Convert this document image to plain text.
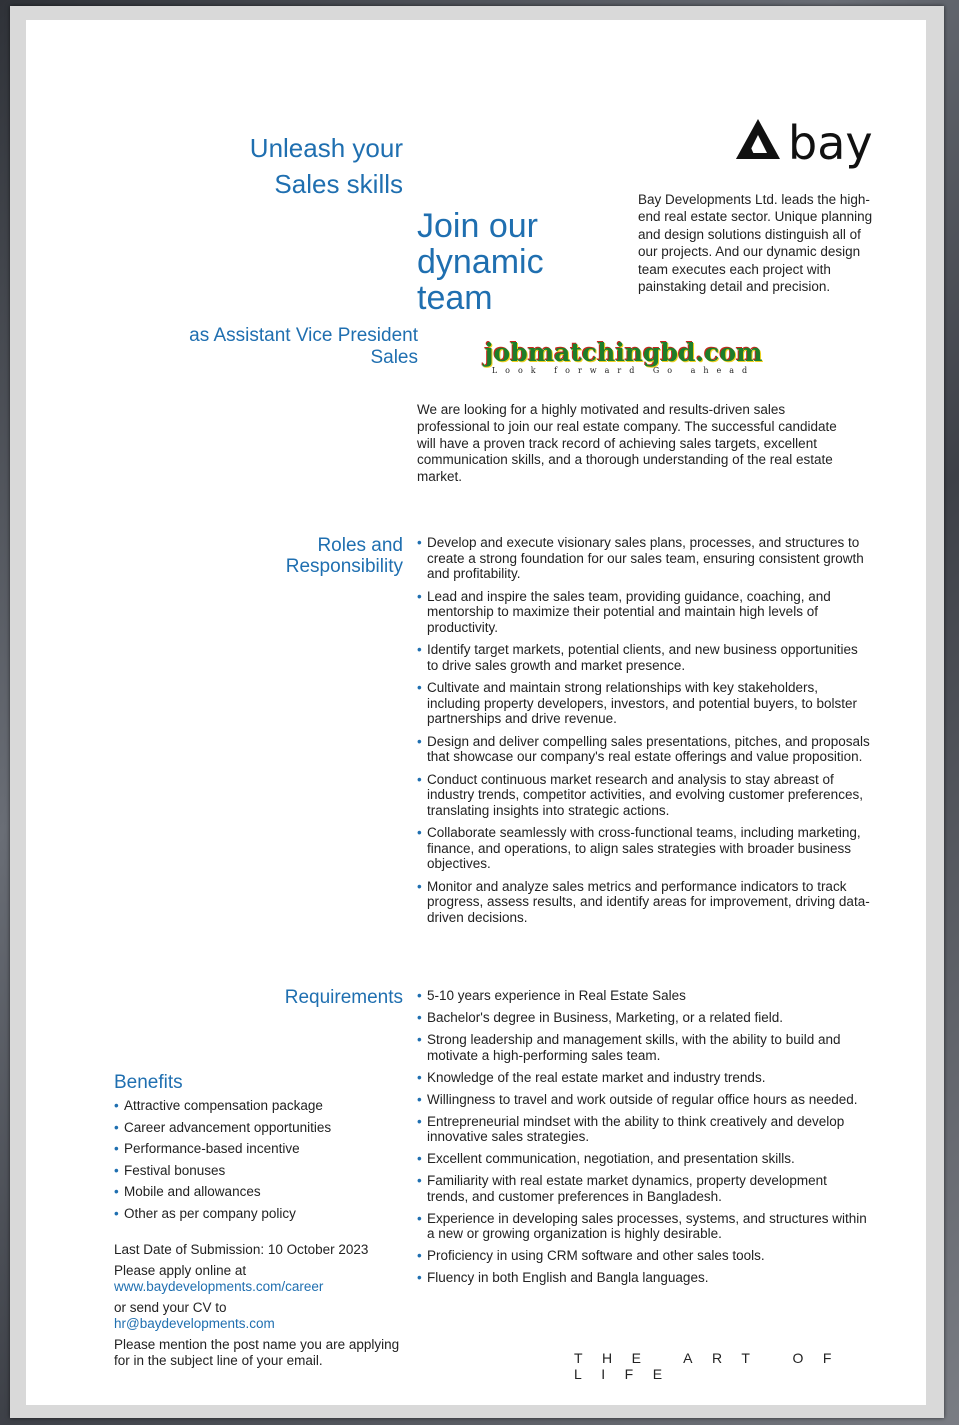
Unleash your
Sales skills
Join our
dynamic
team
as Assistant Vice President
Sales
bay
Bay Developments Ltd. leads the high-end real estate sector. Unique planning and design solutions distinguish all of our projects. And our dynamic design team executes each project with painstaking detail and precision.
jobmatchingbd.com
Look forward Go ahead
We are looking for a highly motivated and results-driven sales professional to join our real estate company. The successful candidate will have a proven track record of achieving sales targets, excellent communication skills, and a thorough understanding of the real estate market.
Roles and
Responsibility
• Develop and execute visionary sales plans, processes, and structures to create a strong foundation for our sales team, ensuring consistent growth and profitability.
• Lead and inspire the sales team, providing guidance, coaching, and mentorship to maximize their potential and maintain high levels of productivity.
• Identify target markets, potential clients, and new business opportunities to drive sales growth and market presence.
• Cultivate and maintain strong relationships with key stakeholders, including property developers, investors, and potential buyers, to bolster partnerships and drive revenue.
• Design and deliver compelling sales presentations, pitches, and proposals that showcase our company's real estate offerings and value proposition.
• Conduct continuous market research and analysis to stay abreast of industry trends, competitor activities, and evolving customer preferences, translating insights into strategic actions.
• Collaborate seamlessly with cross-functional teams, including marketing, finance, and operations, to align sales strategies with broader business objectives.
• Monitor and analyze sales metrics and performance indicators to track progress, assess results, and identify areas for improvement, driving data-driven decisions.
Requirements
•	5-10 years experience in Real Estate Sales
• Bachelor's degree in Business, Marketing, or a related field.
• Strong leadership and management skills, with the ability to build and motivate a high-performing sales team.
• Knowledge of the real estate market and industry trends.
• Willingness to travel and work outside of regular office hours as needed.
• Entrepreneurial mindset with the ability to think creatively and develop innovative sales strategies.
• Excellent communication, negotiation, and presentation skills.
• Familiarity with real estate market dynamics, property development trends, and customer preferences in Bangladesh.
• Experience in developing sales processes, systems, and structures within a new or growing organization is highly desirable.
• Proficiency in using CRM software and other sales tools.
• Fluency in both English and Bangla languages.
Benefits
• Attractive compensation package
• Career advancement opportunities
• Performance-based incentive
• Festival bonuses
• Mobile and allowances
• Other as per company policy
Last Date of Submission: 10 October 2023
Please apply online at
www.baydevelopments.com/career
or send your CV to
hr@baydevelopments.com
Please mention the post name you are applying for in the subject line of your email.	THE ART OF LIFE
